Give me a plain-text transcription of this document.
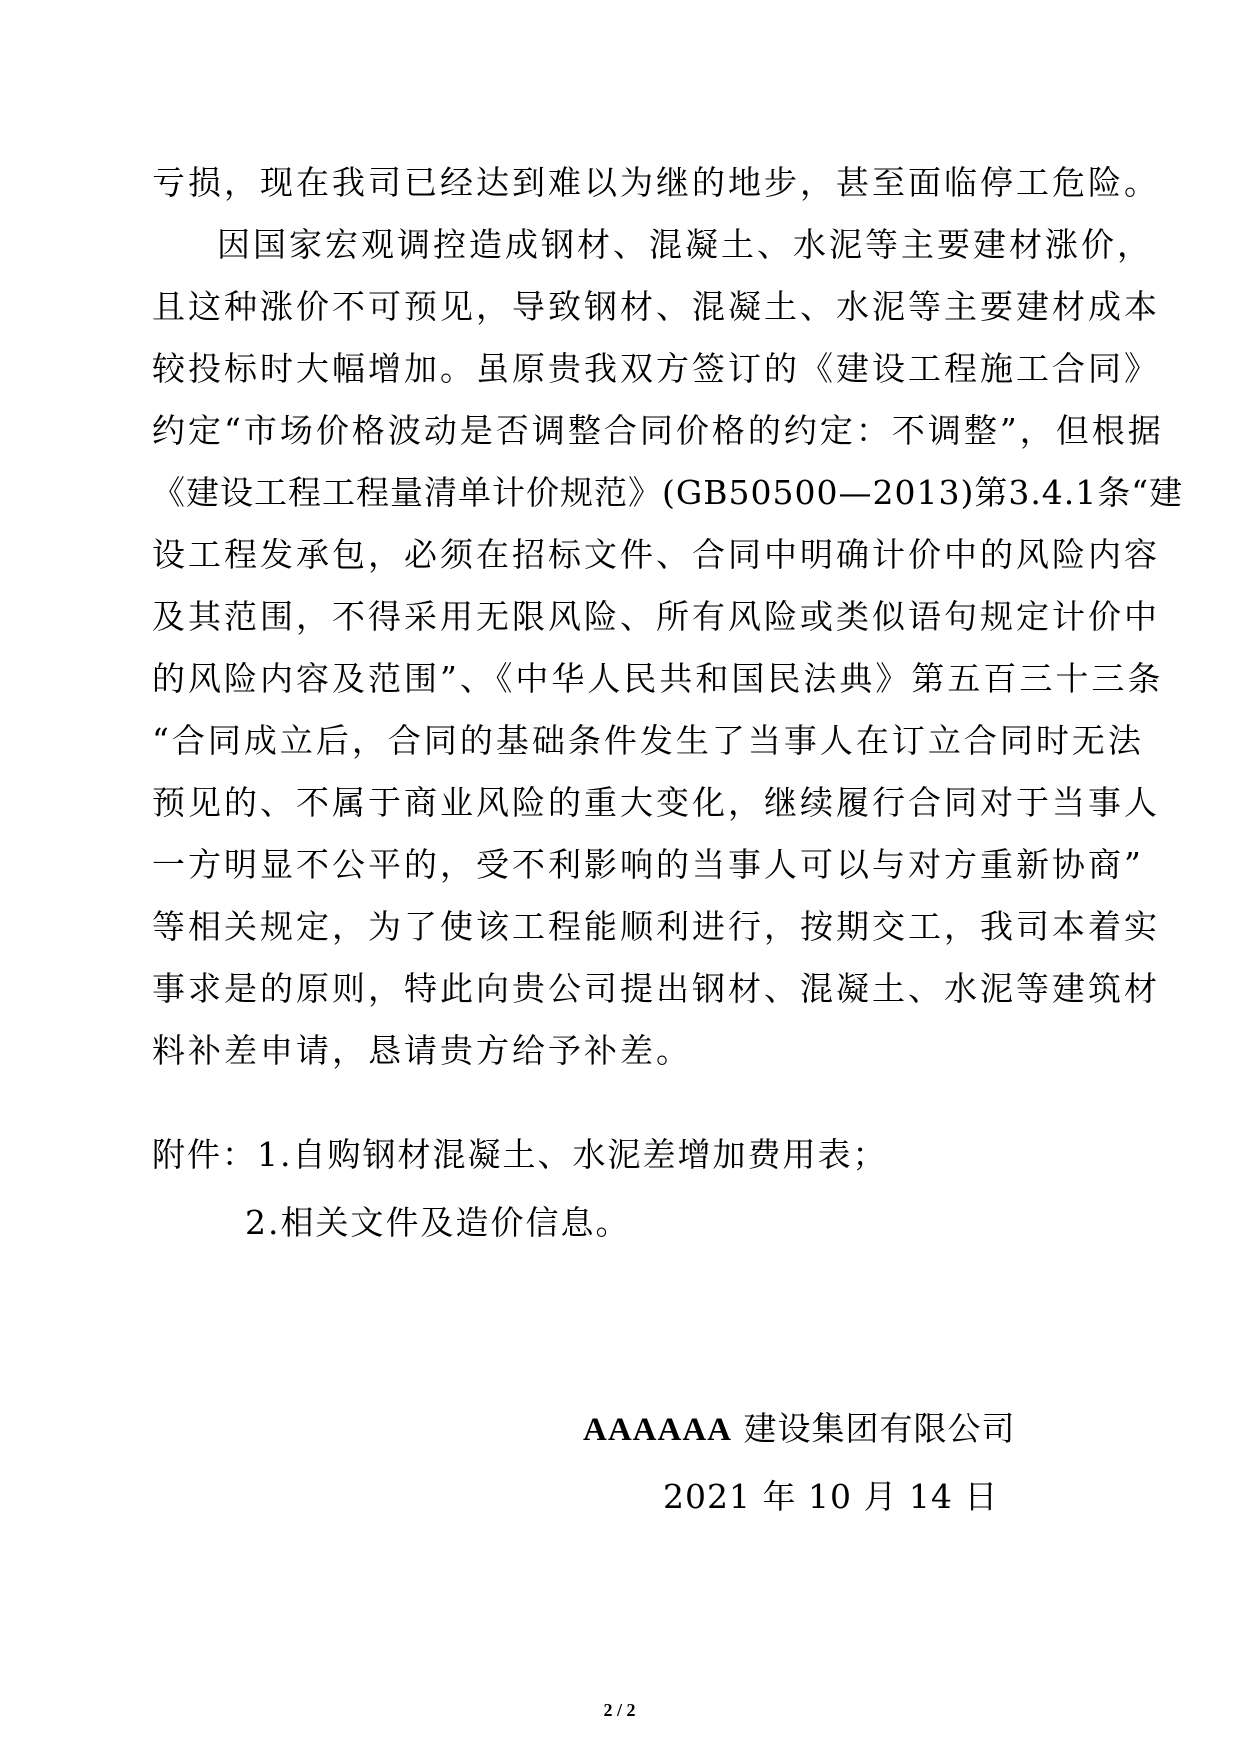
亏损，现在我司已经达到难以为继的地步，甚至面临停工危险。
因国家宏观调控造成钢材、混凝土、水泥等主要建材涨价，
且这种涨价不可预见，导致钢材、混凝土、水泥等主要建材成本
较投标时大幅增加。虽原贵我双方签订的《建设工程施工合同》
约定“市场价格波动是否调整合同价格的约定：不调整”，但根据
《建设工程工程量清单计价规范》(GB50500—2013)第3.4.1条“建
设工程发承包，必须在招标文件、合同中明确计价中的风险内容
及其范围，不得采用无限风险、所有风险或类似语句规定计价中
的风险内容及范围”、《中华人民共和国民法典》第五百三十三条
“合同成立后，合同的基础条件发生了当事人在订立合同时无法
预见的、不属于商业风险的重大变化，继续履行合同对于当事人
一方明显不公平的，受不利影响的当事人可以与对方重新协商”
等相关规定，为了使该工程能顺利进行，按期交工，我司本着实
事求是的原则，特此向贵公司提出钢材、混凝土、水泥等建筑材
料补差申请，恳请贵方给予补差。
附件：1.自购钢材混凝土、水泥差增加费用表；
2.相关文件及造价信息。
AAAAAA 建设集团有限公司
2021 年 10 月 14 日
2 / 2
